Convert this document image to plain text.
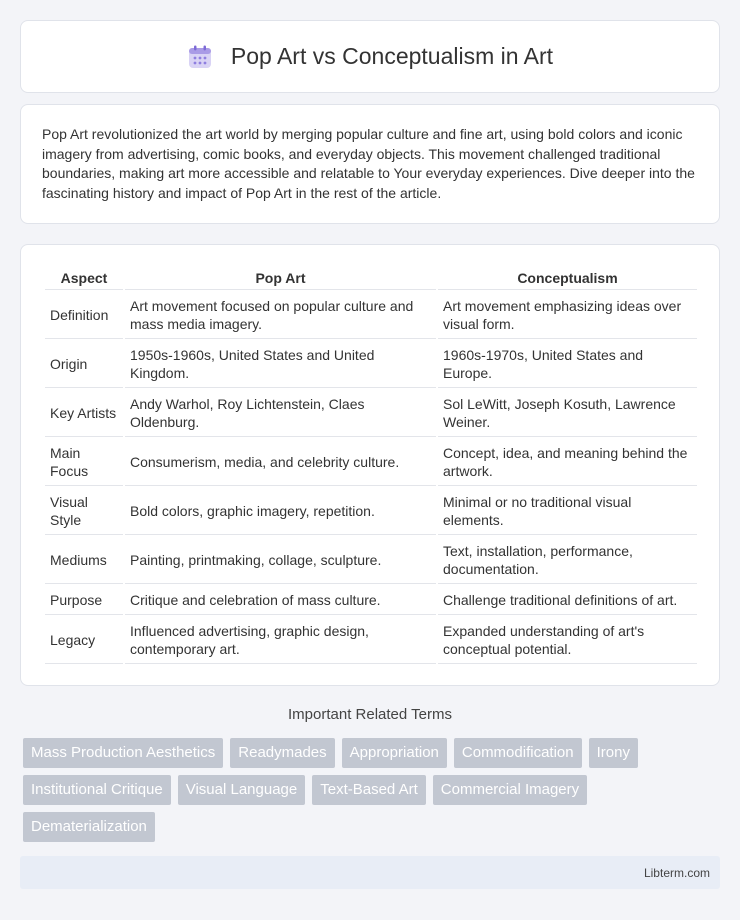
Pop Art vs Conceptualism in Art

Pop Art revolutionized the art world by merging popular culture and fine art, using bold colors and iconic imagery from advertising, comic books, and everyday objects. This movement challenged traditional boundaries, making art more accessible and relatable to Your everyday experiences. Dive deeper into the fascinating history and impact of Pop Art in the rest of the article.

Aspect	Pop Art	Conceptualism
Definition	Art movement focused on popular culture and mass media imagery.	Art movement emphasizing ideas over visual form.
Origin	1950s-1960s, United States and United Kingdom.	1960s-1970s, United States and Europe.
Key Artists	Andy Warhol, Roy Lichtenstein, Claes Oldenburg.	Sol LeWitt, Joseph Kosuth, Lawrence Weiner.
Main Focus	Consumerism, media, and celebrity culture.	Concept, idea, and meaning behind the artwork.
Visual Style	Bold colors, graphic imagery, repetition.	Minimal or no traditional visual elements.
Mediums	Painting, printmaking, collage, sculpture.	Text, installation, performance, documentation.
Purpose	Critique and celebration of mass culture.	Challenge traditional definitions of art.
Legacy	Influenced advertising, graphic design, contemporary art.	Expanded understanding of art's conceptual potential.
Important Related Terms
Mass Production Aesthetics	Readymades	Appropriation	Commodification	Irony
Institutional Critique	Visual Language	Text-Based Art	Commercial Imagery
Dematerialization
Libterm.com
